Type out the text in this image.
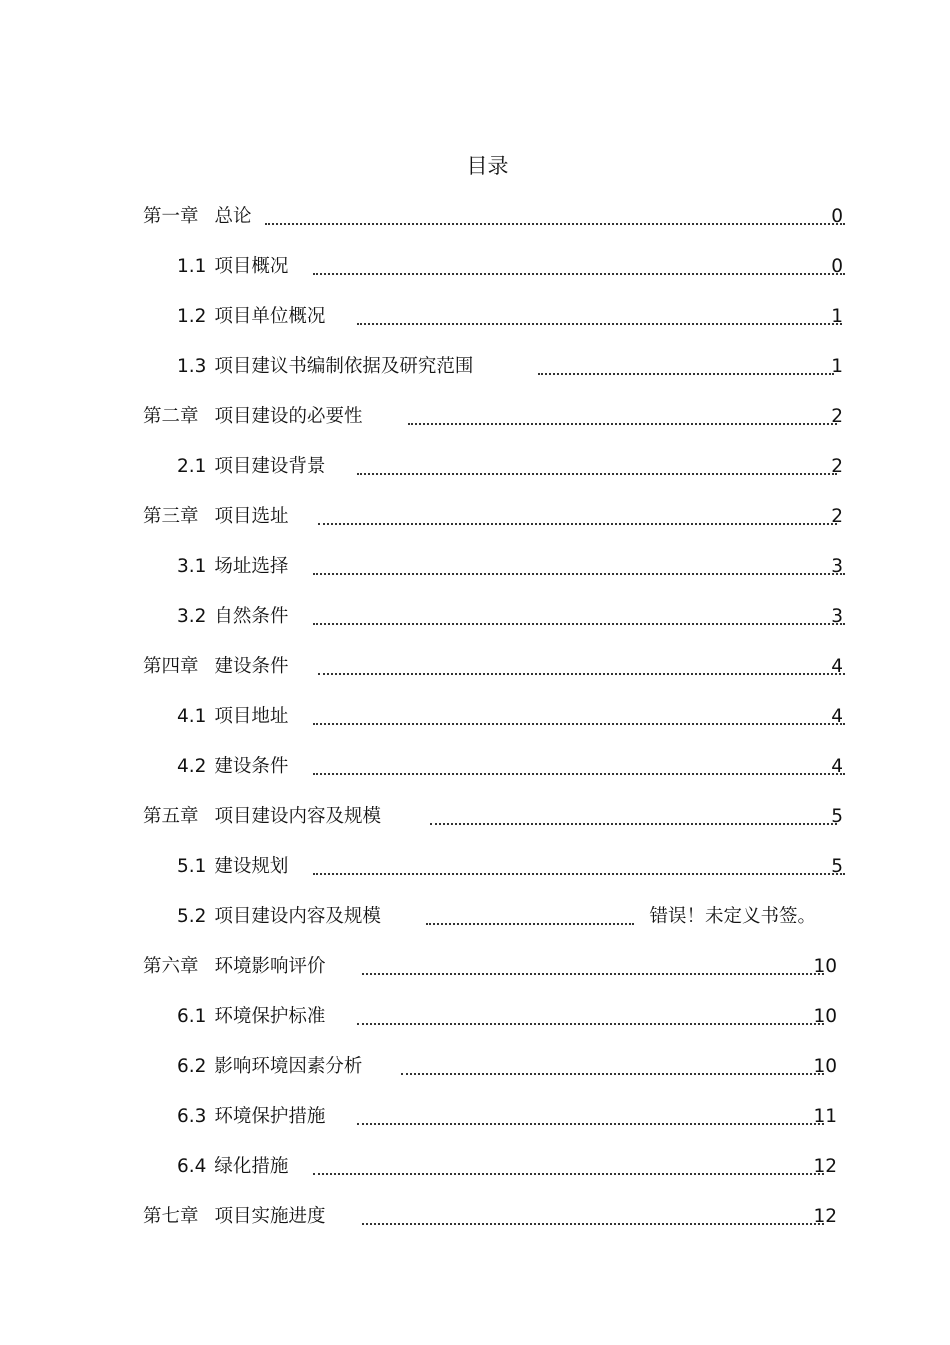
目录
第一章 总论	0
1.1 项目概况	0
1.2 项目单位概况	1
1.3 项目建议书编制依据及研究范围	1
第二章 项目建设的必要性	2
2.1 项目建设背景	2
第三章 项目选址	2
3.1 场址选择	3
3.2 自然条件	3
第四章 建设条件	4
4.1 项目地址	4
4.2 建设条件	4
第五章 项目建设内容及规模	5
5.1 建设规划	5
5.2 项目建设内容及规模	错误！未定义书签。
第六章 环境影响评价	10
6.1 环境保护标准	10
6.2 影响环境因素分析	10
6.3 环境保护措施	11
6.4 绿化措施	12
第七章 项目实施进度	12
